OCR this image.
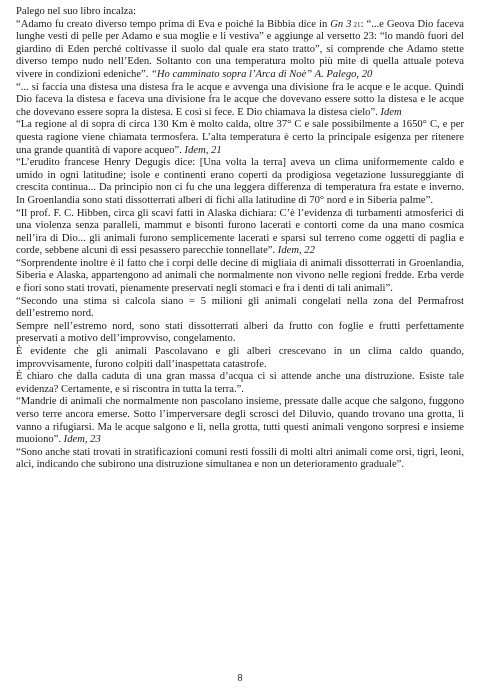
Palego nel suo libro incalza:

“Adamo fu creato diverso tempo prima di Eva e poiché la Bibbia dice in Gn 3 21: “...e Geova Dio faceva lunghe vesti di pelle per Adamo e sua moglie e li vestiva” e aggiunge al versetto 23: “lo mandò fuori del giardino di Eden perché coltivasse il suolo dal quale era stato tratto”, si comprende che Adamo stette diverso tempo nudo nell’Eden. Soltanto con una temperatura molto più mite di quella attuale poteva vivere in condizioni edeniche”. “Ho camminato sopra l’Arca di Noè” A. Palego, 20

“... si faccia una distesa una distesa fra le acque e avvenga una divisione fra le acque e le acque. Quindi Dio faceva la distesa e faceva una divisione fra le acque che dovevano essere sotto la distesa e le acque che dovevano essere sopra la distesa. E così si fece. E Dio chiamava la distesa cielo”. Idem

“La regione al di sopra di circa 130 Km è molto calda, oltre 37° C e sale possibilmente a 1650° C, e per questa ragione viene chiamata termosfera. L’alta temperatura è certo la principale esigenza per ritenere una grande quantità di vapore acqueo”. Idem, 21

“L’erudito francese Henry Degugis dice: [Una volta la terra] aveva un clima uniformemente caldo e umido in ogni latitudine; isole e continenti erano coperti da prodigiosa vegetazione lussureggiante di crescita continua... Da principio non ci fu che una leggera differenza di temperatura fra estate e inverno. In Groenlandia sono stati dissotterrati alberi di fichi alla latitudine di 70° nord e in Siberia palme”.

“Il prof. F. C. Hibben, circa gli scavi fatti in Alaska dichiara: C’è l’evidenza di turbamenti atmosferici di una violenza senza paralleli, mammut e bisonti furono lacerati e contorti come da una mano cosmica nell’ira di Dio... gli animali furono semplicemente lacerati e sparsi sul terreno come oggetti di paglia e corde, sebbene alcuni di essi pesassero parecchie tonnellate”. Idem, 22

“Sorprendente inoltre è il fatto che i corpi delle decine di migliaia di animali dissotterrati in Groenlandia, Siberia e Alaska, appartengono ad animali che normalmente non vivono nelle regioni fredde. Erba verde e fiori sono stati trovati, pienamente preservati negli stomaci e fra i denti di tali animali”.

“Secondo una stima si calcola siano = 5 milioni gli animali congelati nella zona del Permafrost dell’estremo nord.

Sempre nell’estremo nord, sono stati dissotterrati alberi da frutto con foglie e frutti perfettamente preservati a motivo dell’improvviso, congelamento.

È evidente che gli animali Pascolavano e gli alberi crescevano in un clima caldo quando, improvvisamente, furono colpiti dall’inaspettata catastrofe.

È chiaro che dalla caduta di una gran massa d’acqua ci si attende anche una distruzione. Esiste tale evidenza? Certamente, e si riscontra in tutta la terra.”.

“Mandrie di animali che normalmente non pascolano insieme, pressate dalle acque che salgono, fuggono verso terre ancora emerse. Sotto l’imperversare degli scrosci del Diluvio, quando trovano una grotta, lì vanno a rifugiarsi. Ma le acque salgono e lì, nella grotta, tutti questi animali vengono sorpresi e insieme muoiono”. Idem, 23

“Sono anche stati trovati in stratificazioni comuni resti fossili di molti altri animali come orsi, tigri, leoni, alci, indicando che subirono una distruzione simultanea e non un deterioramento graduale”.

8
